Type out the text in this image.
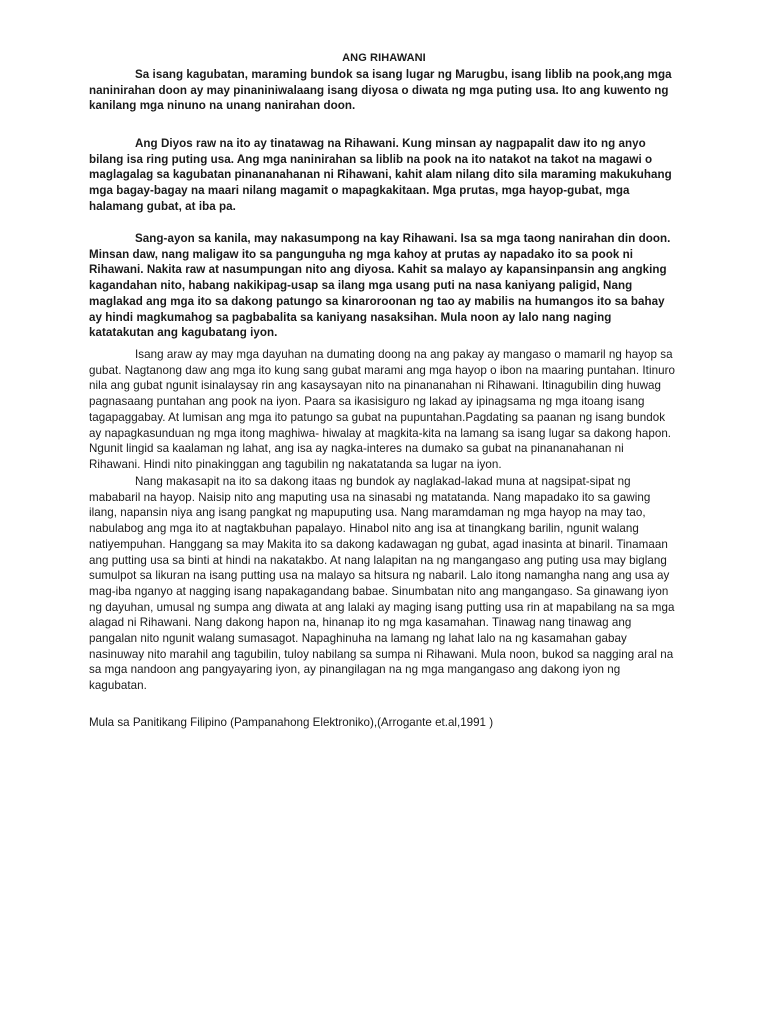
ANG RIHAWANI

Sa isang kagubatan, maraming bundok sa isang lugar ng Marugbu, isang liblib na pook,ang mga naninirahan doon ay may pinaniniwalaang isang diyosa o diwata ng mga puting usa. Ito ang kuwento ng kanilang mga ninuno na unang nanirahan doon.

Ang Diyos raw na ito ay tinatawag na Rihawani. Kung minsan ay nagpapalit daw ito ng anyo bilang isa ring puting usa. Ang mga naninirahan sa liblib na pook na ito natakot na takot na magawi o maglagalag sa kagubatan pinananahanan ni Rihawani, kahit alam nilang dito sila maraming makukuhang mga bagay-bagay na maari nilang magamit o mapagkakitaan. Mga prutas, mga hayop-gubat, mga halamang gubat, at iba pa.

Sang-ayon sa kanila, may nakasumpong na kay Rihawani. Isa sa mga taong nanirahan din doon. Minsan daw, nang maligaw ito sa pangunguha ng mga kahoy at prutas ay napadako ito sa pook ni Rihawani. Nakita raw at nasumpungan nito ang diyosa. Kahit sa malayo ay kapansinpansin ang angking kagandahan nito, habang nakikipag-usap sa ilang mga usang puti na nasa kaniyang paligid, Nang maglakad ang mga ito sa dakong patungo sa kinaroroonan ng tao ay mabilis na humangos ito sa bahay ay hindi magkumahog sa pagbabalita sa kaniyang nasaksihan. Mula noon ay lalo nang naging katatakutan ang kagubatang iyon.

Isang araw ay may mga dayuhan na dumating doong na ang pakay ay mangaso o mamaril ng hayop sa gubat. Nagtanong daw ang mga ito kung sang gubat marami ang mga hayop o ibon na maaring puntahan. Itinuro nila ang gubat ngunit isinalaysay rin ang kasaysayan nito na pinananahan ni Rihawani. Itinagubilin ding huwag pagnasaang puntahan ang pook na iyon. Paara sa ikasisiguro ng lakad ay ipinagsama ng mga itoang isang tagapaggabay. At lumisan ang mga ito patungo sa gubat na pupuntahan.Pagdating sa paanan ng isang bundok ay napagkasunduan ng mga itong maghiwa- hiwalay at magkita-kita na lamang sa isang lugar sa dakong hapon. Ngunit lingid sa kaalaman ng lahat, ang isa ay nagka-interes na dumako sa gubat na pinananahanan ni Rihawani. Hindi nito pinakinggan ang tagubilin ng nakatatanda sa lugar na iyon.

Nang makasapit na ito sa dakong itaas ng bundok ay naglakad-lakad muna at nagsipat-sipat ng mababaril na hayop. Naisip nito ang maputing usa na sinasabi ng matatanda. Nang mapadako ito sa gawing ilang, napansin niya ang isang pangkat ng mapuputing usa. Nang maramdaman ng mga hayop na may tao, nabulabog ang mga ito at nagtakbuhan papalayo. Hinabol nito ang isa at tinangkang barilin, ngunit walang natiyempuhan. Hanggang sa may Makita ito sa dakong kadawagan ng gubat, agad inasinta at binaril. Tinamaan ang putting usa sa binti at hindi na nakatakbo. At nang lalapitan na ng mangangaso ang puting usa may biglang sumulpot sa likuran na isang putting usa na malayo sa hitsura ng nabaril. Lalo itong namangha nang ang usa ay mag-iba nganyo at nagging isang napakagandang babae. Sinumbatan nito ang mangangaso. Sa ginawang iyon ng dayuhan, umusal ng sumpa ang diwata at ang lalaki ay maging isang putting usa rin at mapabilang na sa mga alagad ni Rihawani. Nang dakong hapon na, hinanap ito ng mga kasamahan. Tinawag nang tinawag ang pangalan nito ngunit walang sumasagot. Napaghinuha na lamang ng lahat lalo na ng kasamahan gabay nasinuway nito marahil ang tagubilin, tuloy nabilang sa sumpa ni Rihawani. Mula noon, bukod sa nagging aral na sa mga nandoon ang pangyayaring iyon, ay pinangilagan na ng mga mangangaso ang dakong iyon ng kagubatan.

Mula sa Panitikang Filipino (Pampanahong Elektroniko),(Arrogante et.al,1991 )
